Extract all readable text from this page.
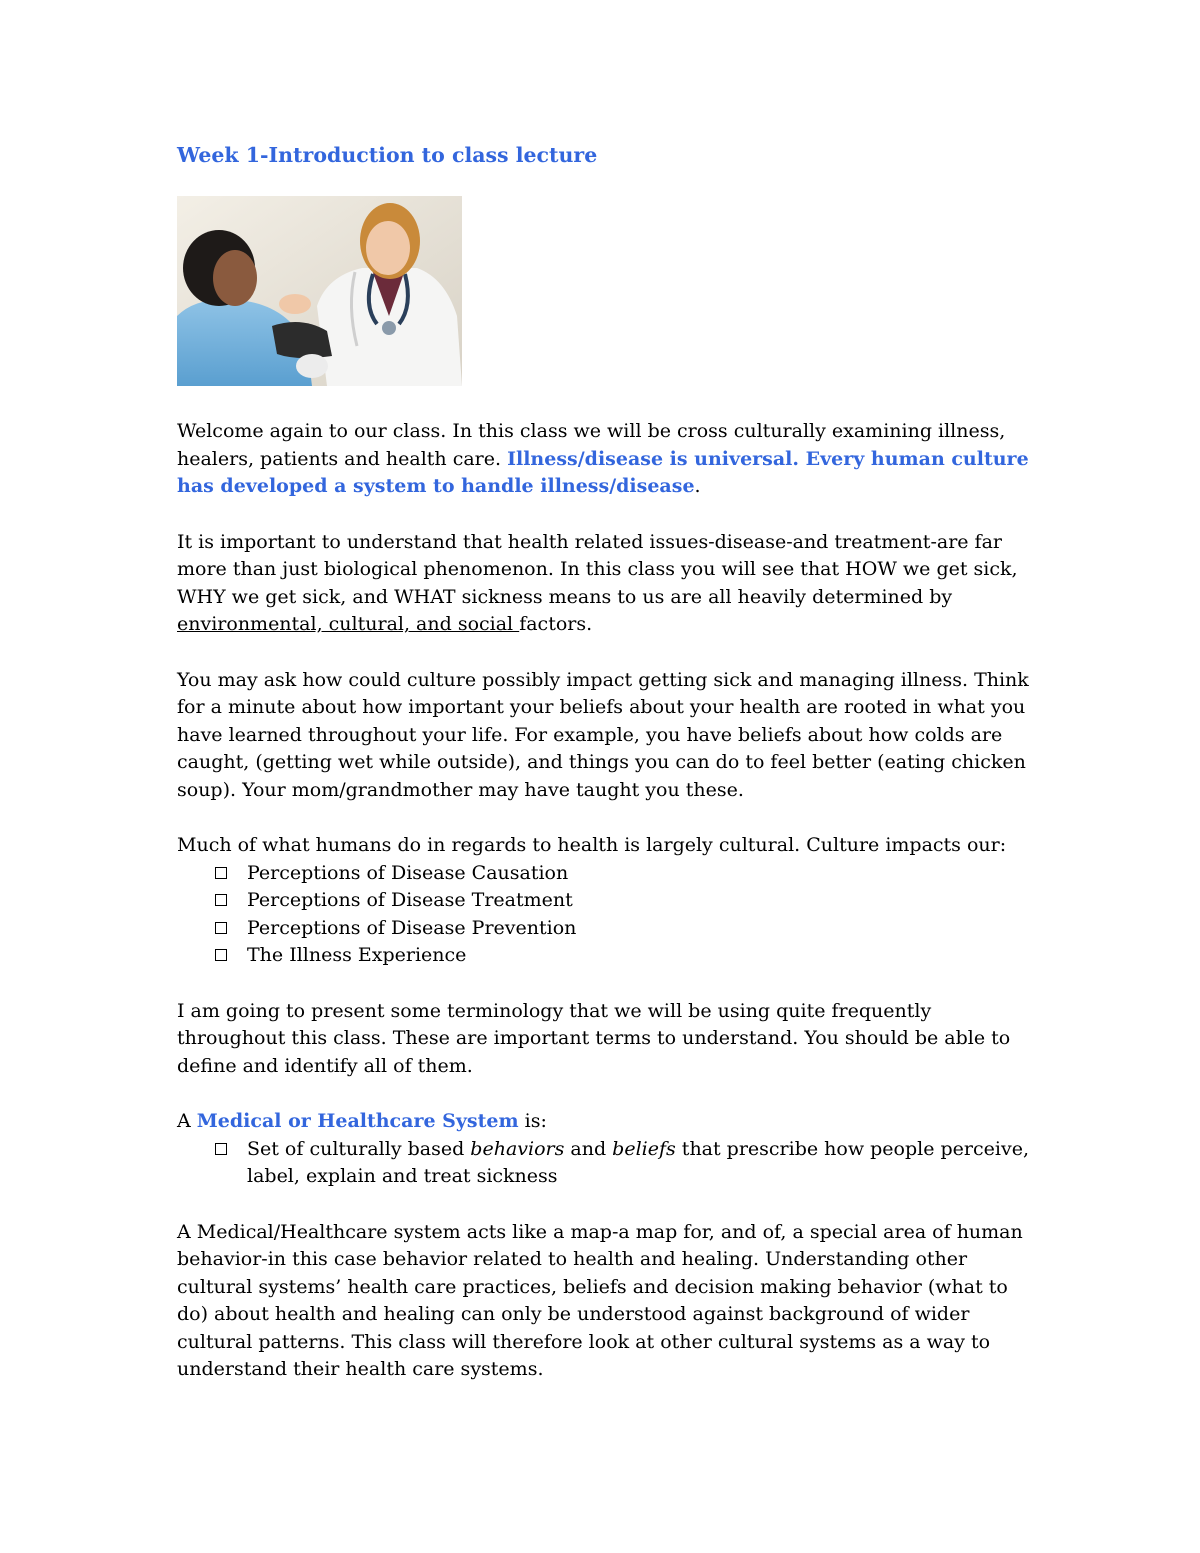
Week 1-Introduction to class lecture

Welcome again to our class. In this class we will be cross culturally examining illness, healers, patients and health care. Illness/disease is universal. Every human culture has developed a system to handle illness/disease.

It is important to understand that health related issues-disease-and treatment-are far more than just biological phenomenon. In this class you will see that HOW we get sick, WHY we get sick, and WHAT sickness means to us are all heavily determined by environmental, cultural, and social factors.

You may ask how could culture possibly impact getting sick and managing illness. Think for a minute about how important your beliefs about your health are rooted in what you have learned throughout your life. For example, you have beliefs about how colds are caught, (getting wet while outside), and things you can do to feel better (eating chicken soup). Your mom/grandmother may have taught you these.

Much of what humans do in regards to health is largely cultural. Culture impacts our:

Perceptions of Disease Causation
Perceptions of Disease Treatment
Perceptions of Disease Prevention
The Illness Experience

I am going to present some terminology that we will be using quite frequently throughout this class. These are important terms to understand. You should be able to define and identify all of them.

A Medical or Healthcare System is:

Set of culturally based behaviors and beliefs that prescribe how people perceive, label, explain and treat sickness

A Medical/Healthcare system acts like a map-a map for, and of, a special area of human behavior-in this case behavior related to health and healing. Understanding other cultural systems’ health care practices, beliefs and decision making behavior (what to do) about health and healing can only be understood against background of wider cultural patterns. This class will therefore look at other cultural systems as a way to understand their health care systems.
